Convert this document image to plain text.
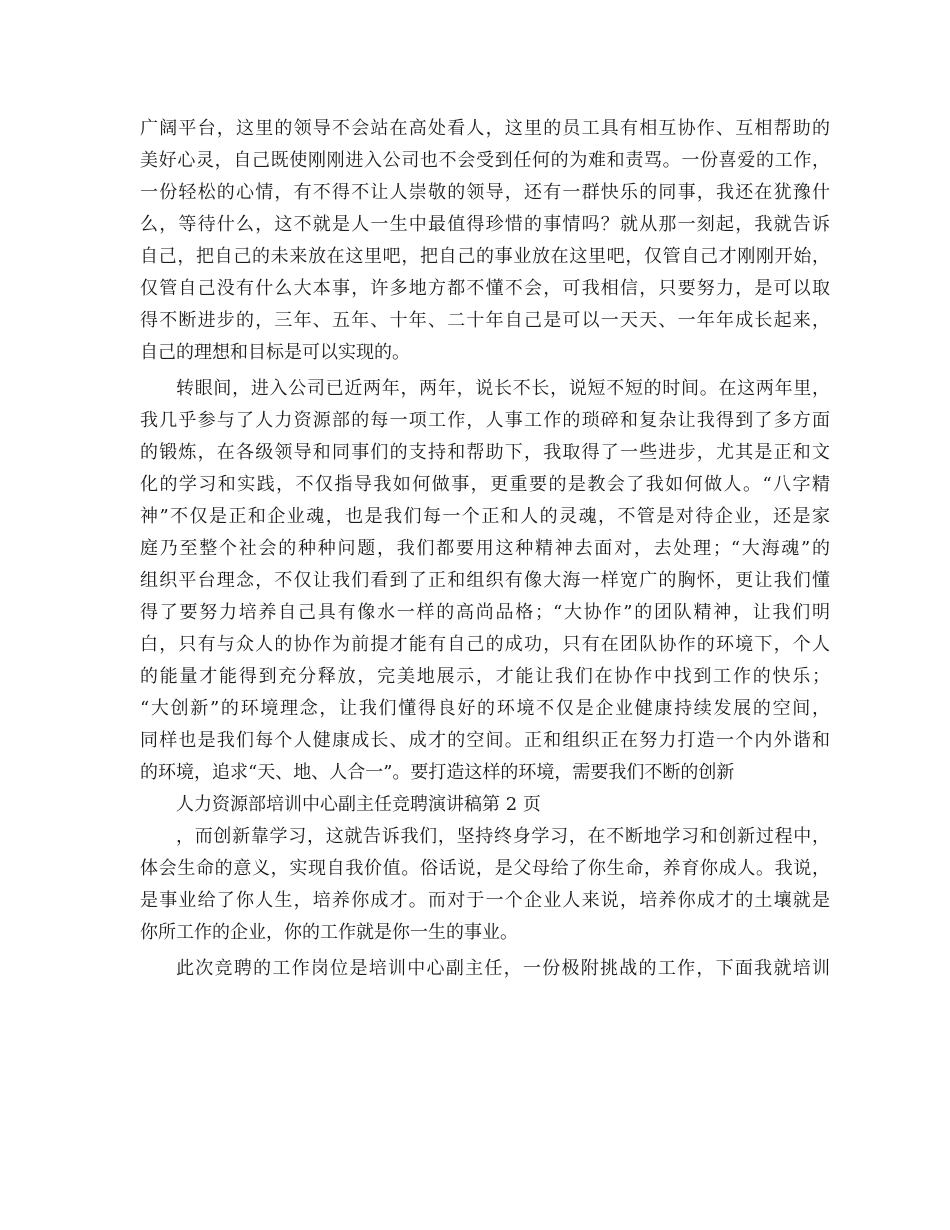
广阔平台，这里的领导不会站在高处看人，这里的员工具有相互协作、互相帮助的
美好心灵，自己既使刚刚进入公司也不会受到任何的为难和责骂。一份喜爱的工作，
一份轻松的心情，有不得不让人崇敬的领导，还有一群快乐的同事，我还在犹豫什
么，等待什么，这不就是人一生中最值得珍惜的事情吗？就从那一刻起，我就告诉
自己，把自己的未来放在这里吧，把自己的事业放在这里吧，仅管自己才刚刚开始，
仅管自己没有什么大本事，许多地方都不懂不会，可我相信，只要努力，是可以取
得不断进步的，三年、五年、十年、二十年自己是可以一天天、一年年成长起来，
自己的理想和目标是可以实现的。
转眼间，进入公司已近两年，两年，说长不长，说短不短的时间。在这两年里，
我几乎参与了人力资源部的每一项工作，人事工作的琐碎和复杂让我得到了多方面
的锻炼，在各级领导和同事们的支持和帮助下，我取得了一些进步，尤其是正和文
化的学习和实践，不仅指导我如何做事，更重要的是教会了我如何做人。“八字精
神”不仅是正和企业魂，也是我们每一个正和人的灵魂，不管是对待企业，还是家
庭乃至整个社会的种种问题，我们都要用这种精神去面对，去处理；“大海魂”的
组织平台理念，不仅让我们看到了正和组织有像大海一样宽广的胸怀，更让我们懂
得了要努力培养自己具有像水一样的高尚品格；“大协作”的团队精神，让我们明
白，只有与众人的协作为前提才能有自己的成功，只有在团队协作的环境下，个人
的能量才能得到充分释放，完美地展示，才能让我们在协作中找到工作的快乐；
“大创新”的环境理念，让我们懂得良好的环境不仅是企业健康持续发展的空间，
同样也是我们每个人健康成长、成才的空间。正和组织正在努力打造一个内外谐和
的环境，追求“天、地、人合一”。要打造这样的环境，需要我们不断的创新
人力资源部培训中心副主任竞聘演讲稿第 2 页
，而创新靠学习，这就告诉我们，坚持终身学习，在不断地学习和创新过程中，
体会生命的意义，实现自我价值。俗话说，是父母给了你生命，养育你成人。我说，
是事业给了你人生，培养你成才。而对于一个企业人来说，培养你成才的土壤就是
你所工作的企业，你的工作就是你一生的事业。
此次竞聘的工作岗位是培训中心副主任，一份极附挑战的工作，下面我就培训
